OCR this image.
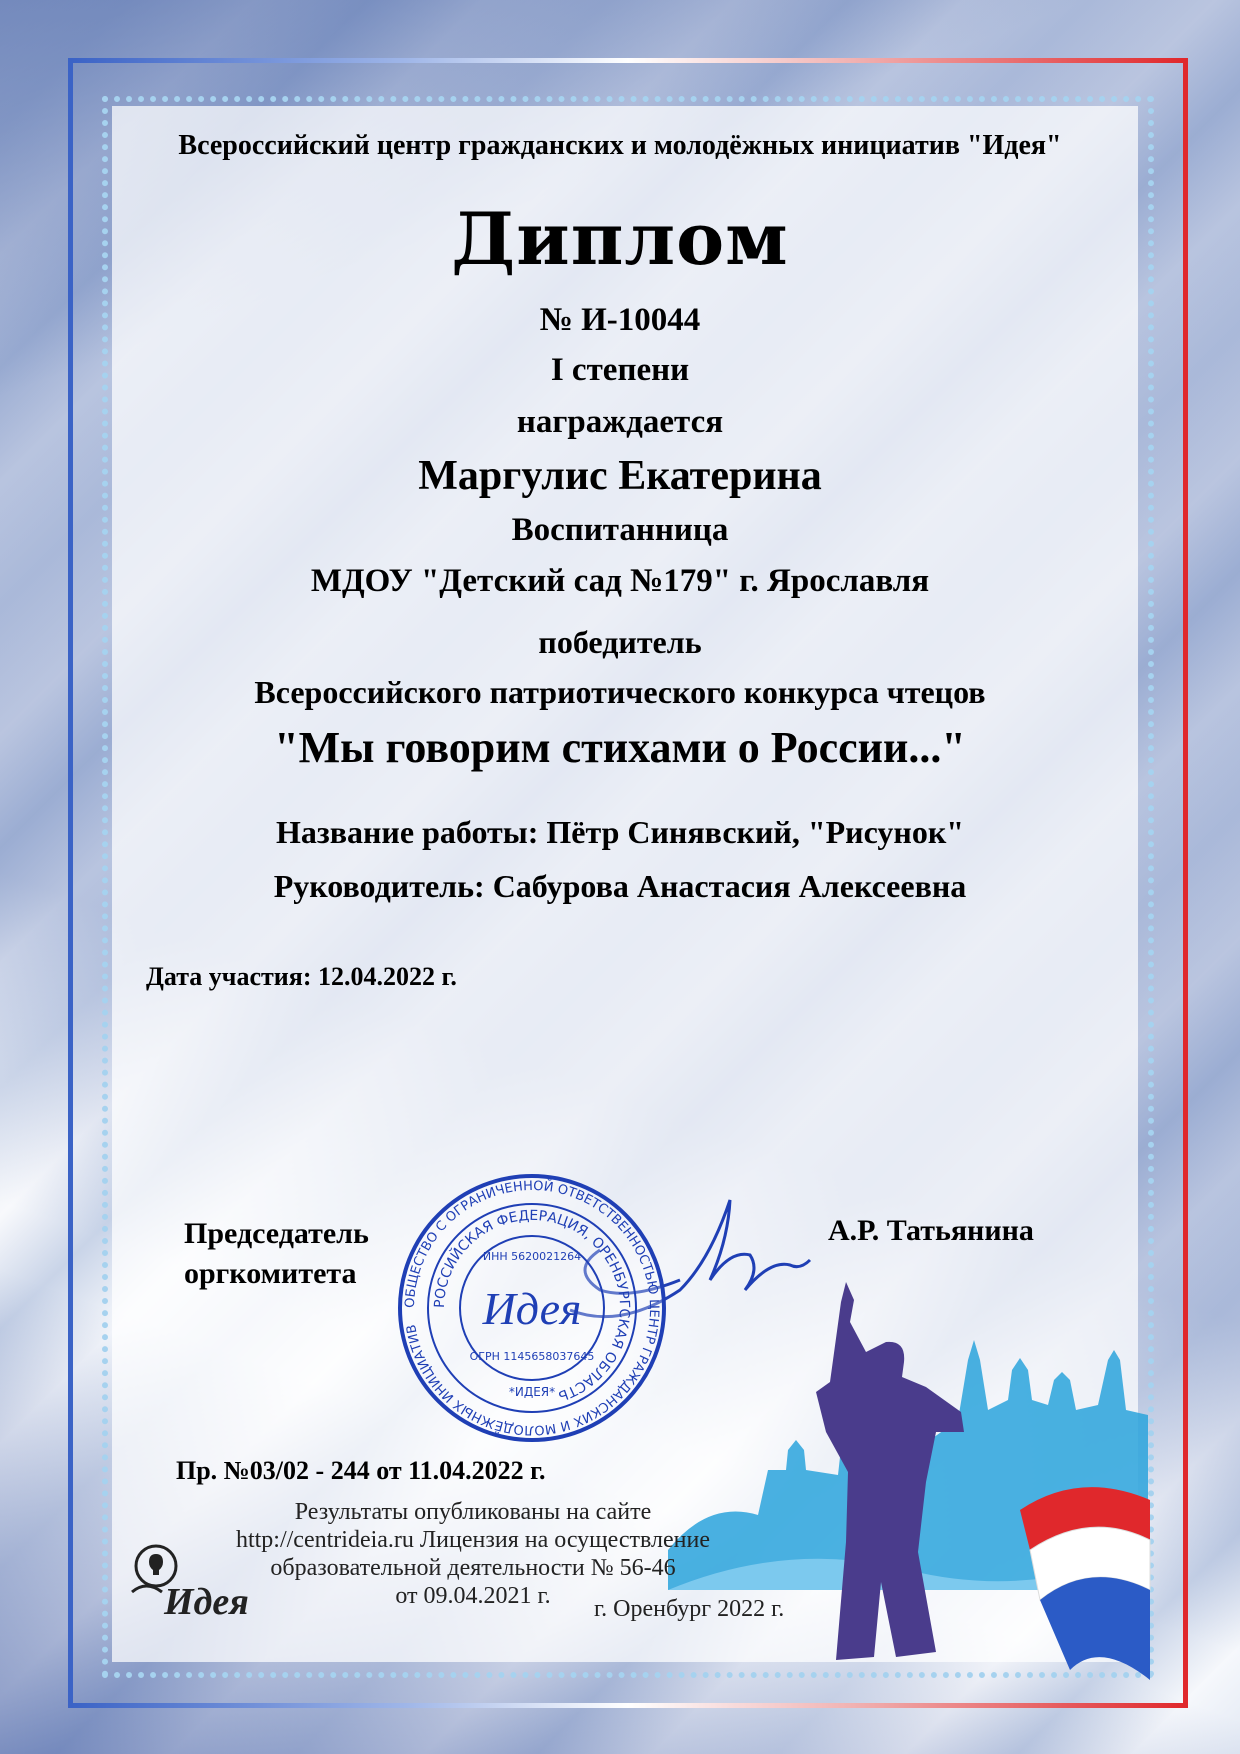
Всероссийский центр гражданских и молодёжных инициатив "Идея"
Диплом
№ И-10044
I степени
награждается
Маргулис Екатерина
Воспитанница
МДОУ "Детский сад №179" г. Ярославля
победитель
Всероссийского патриотического конкурса чтецов
"Мы говорим стихами о России..."
Название работы: Пётр Синявский, "Рисунок"
Руководитель: Сабурова Анастасия Алексеевна
Дата участия: 12.04.2022 г.
ОБЩЕСТВО С ОГРАНИЧЕННОЙ ОТВЕТСТВЕННОСТЬЮ ЦЕНТР ГРАЖДАНСКИХ И МОЛОДЁЖНЫХ ИНИЦИАТИВ
РОССИЙСКАЯ ФЕДЕРАЦИЯ, ОРЕНБУРГСКАЯ ОБЛАСТЬ
ИНН 5620021264
Идея
ОГРН 1145658037645
*ИДЕЯ*
Председатель
оргкомитета
А.Р. Татьянина
Пр. №03/02 - 244 от 11.04.2022 г.
Результаты опубликованы на сайте
http://centrideia.ru Лицензия на осуществление
образовательной деятельности № 56-46
от 09.04.2021 г.	г. Оренбург 2022 г.
Идея
